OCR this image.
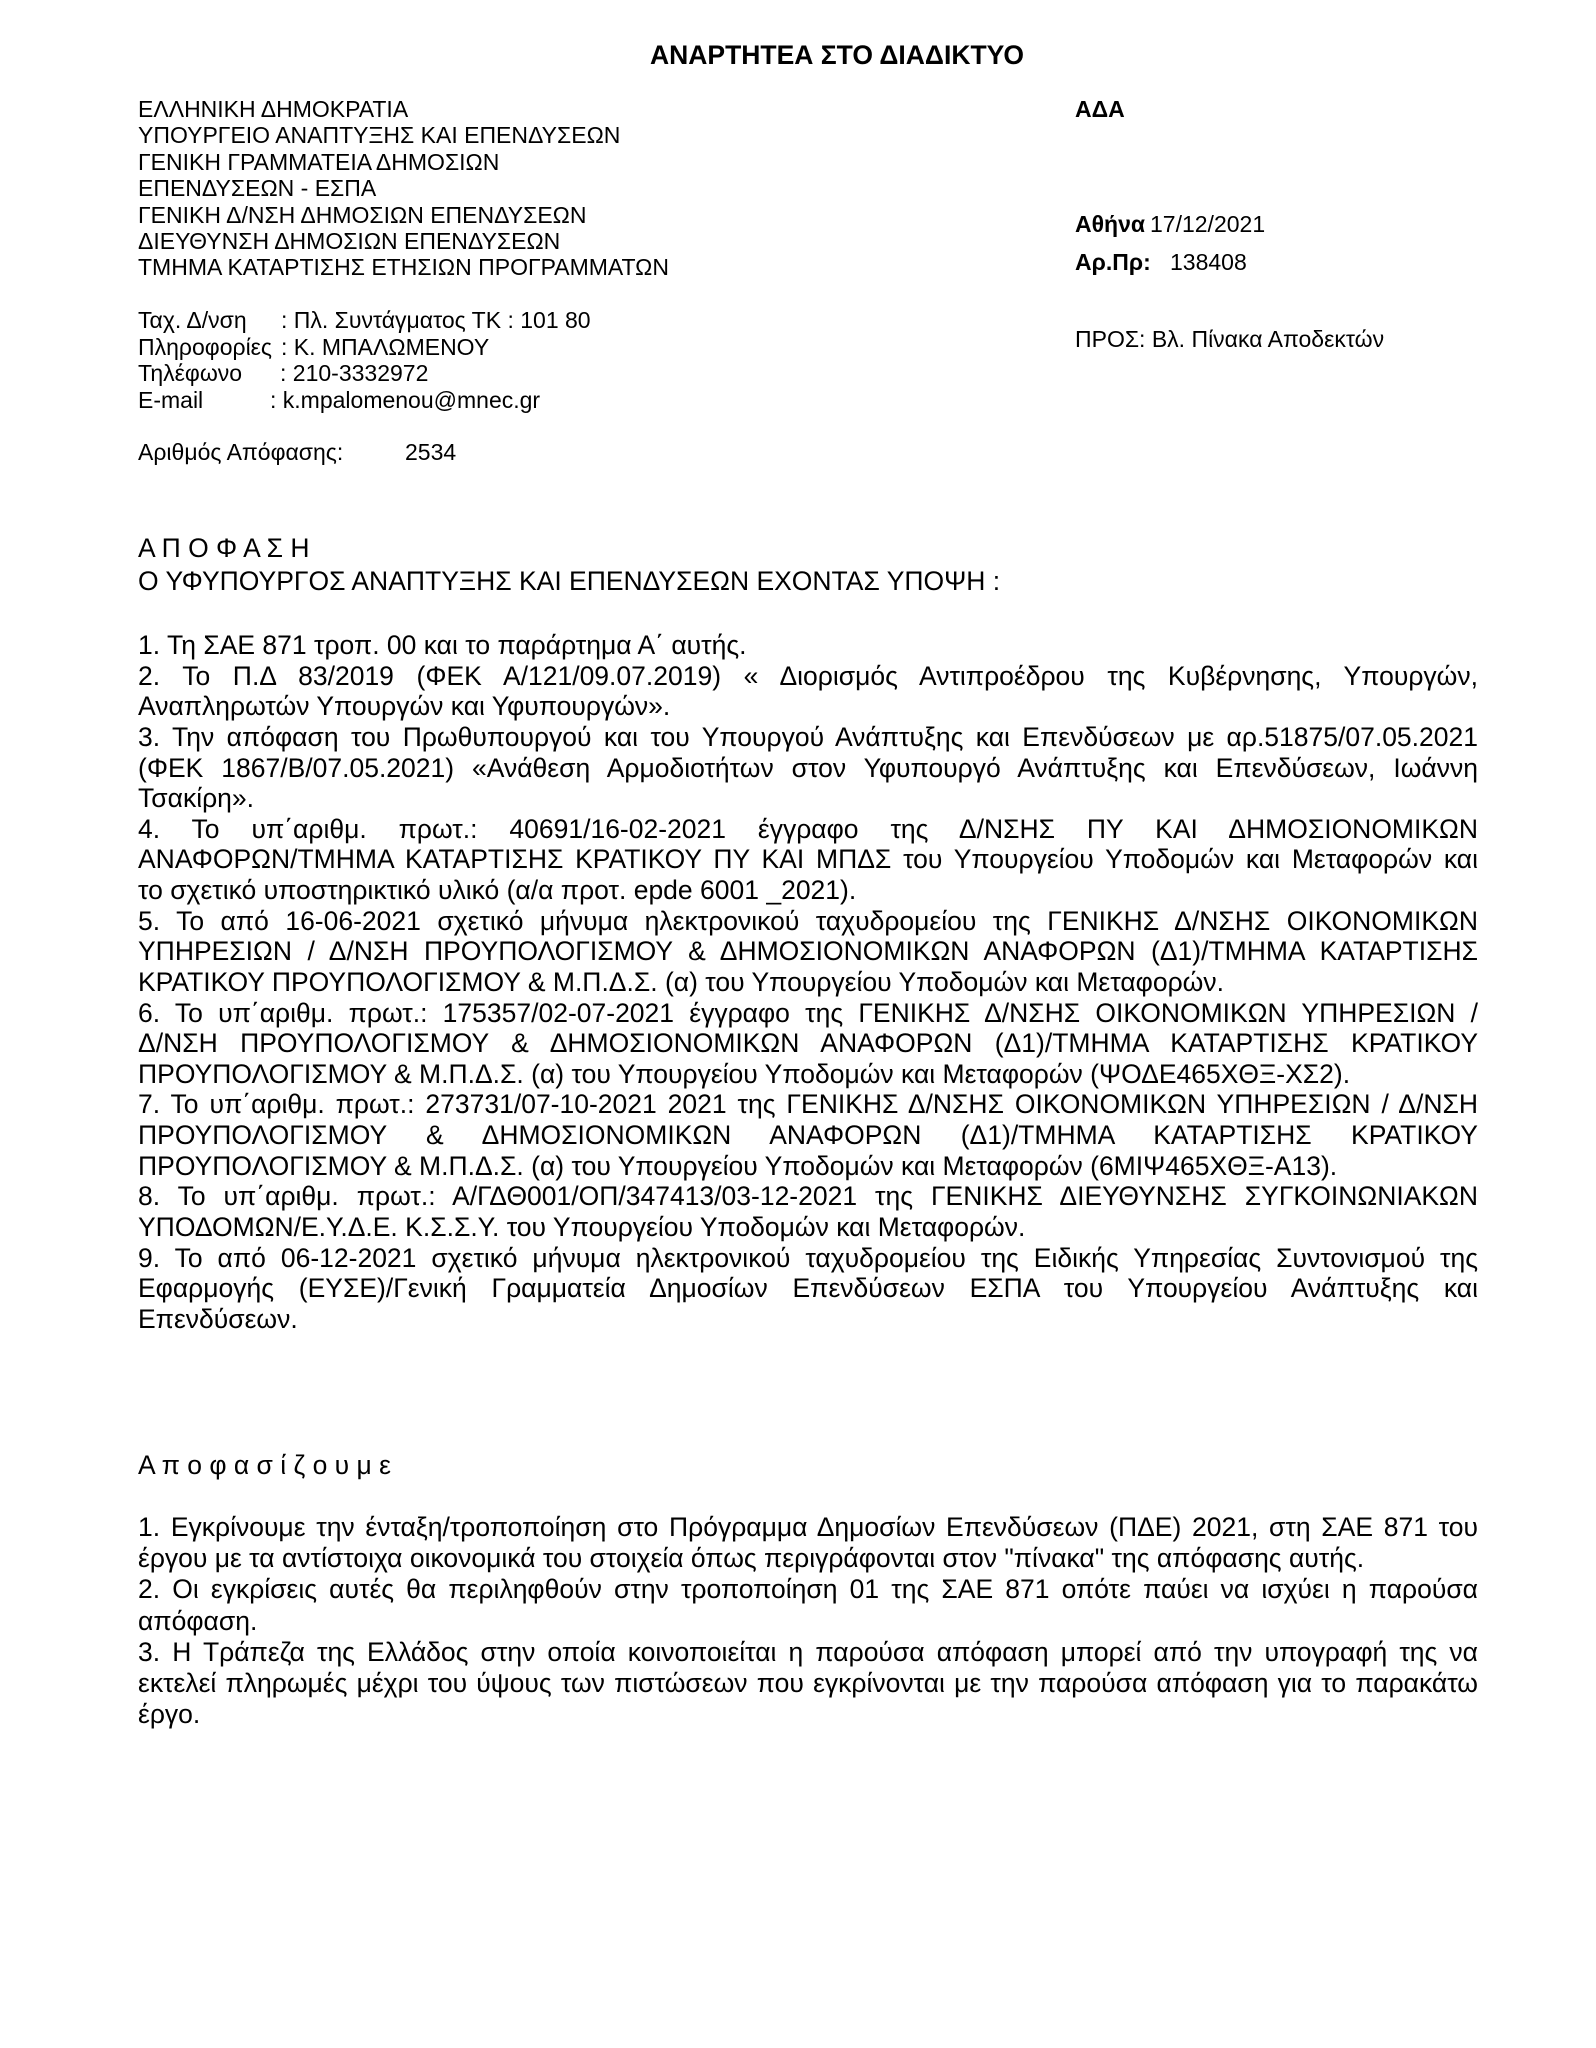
ΑΝΑΡΤΗΤΕΑ ΣΤΟ ΔΙΑΔΙΚΤΥΟ
ΕΛΛΗΝΙΚΗ ΔΗΜΟΚΡΑΤΙΑ
ΥΠΟΥΡΓΕΙΟ ΑΝΑΠΤΥΞΗΣ ΚΑΙ ΕΠΕΝΔΥΣΕΩΝ
ΓΕΝΙΚΗ ΓΡΑΜΜΑΤΕΙΑ ΔΗΜΟΣΙΩΝ
ΕΠΕΝΔΥΣΕΩΝ - ΕΣΠΑ
ΓΕΝΙΚΗ Δ/ΝΣΗ ΔΗΜΟΣΙΩΝ ΕΠΕΝΔΥΣΕΩΝ
ΔΙΕΥΘΥΝΣΗ ΔΗΜΟΣΙΩΝ ΕΠΕΝΔΥΣΕΩΝ
ΤΜΗΜΑ ΚΑΤΑΡΤΙΣΗΣ ΕΤΗΣΙΩΝ ΠΡΟΓΡΑΜΜΑΤΩΝ
ΑΔΑ
Αθήνα 17/12/2021
Αρ.Πρ: 138408
ΠΡΟΣ: Βλ. Πίνακα Αποδεκτών
Ταχ. Δ/νση : Πλ. Συντάγματος ΤΚ : 101 80
Πληροφορίες : Κ. ΜΠΑΛΩΜΕΝΟΥ
Τηλέφωνο : 210-3332972
E-mail	: k.mpalomenou@mnec.gr
Αριθμός Απόφασης:	2534
Α Π Ο Φ Α Σ Η
Ο ΥΦΥΠΟΥΡΓΟΣ ΑΝΑΠΤΥΞΗΣ ΚΑΙ ΕΠΕΝΔΥΣΕΩΝ ΕΧΟΝΤΑΣ ΥΠΟΨΗ :
1. Τη ΣΑΕ 871 τροπ. 00 και το παράρτημα Α΄ αυτής.
2. Το Π.Δ 83/2019 (ΦΕΚ Α/121/09.07.2019) « Διορισμός Αντιπροέδρου της Κυβέρνησης, Υπουργών,
Αναπληρωτών Υπουργών και Υφυπουργών».
3. Την απόφαση του Πρωθυπουργού και του Υπουργού Ανάπτυξης και Επενδύσεων με αρ.51875/07.05.2021
(ΦΕΚ 1867/Β/07.05.2021) «Ανάθεση Αρμοδιοτήτων στον Υφυπουργό Ανάπτυξης και Επενδύσεων, Ιωάννη
Τσακίρη».
4. Το υπ΄αριθμ. πρωτ.: 40691/16-02-2021 έγγραφο της Δ/ΝΣΗΣ ΠΥ ΚΑΙ ΔΗΜΟΣΙΟΝΟΜΙΚΩΝ
ΑΝΑΦΟΡΩΝ/ΤΜΗΜΑ ΚΑΤΑΡΤΙΣΗΣ ΚΡΑΤΙΚΟΥ ΠΥ ΚΑΙ ΜΠΔΣ του Υπουργείου Υποδομών και Μεταφορών και
το σχετικό υποστηρικτικό υλικό (α/α προτ. epde 6001 _2021).
5. Το από 16-06-2021 σχετικό μήνυμα ηλεκτρονικού ταχυδρομείου της ΓΕΝΙΚΗΣ Δ/ΝΣΗΣ ΟΙΚΟΝΟΜΙΚΩΝ
ΥΠΗΡΕΣΙΩΝ / Δ/ΝΣΗ ΠΡΟΥΠΟΛΟΓΙΣΜΟΥ & ΔΗΜΟΣΙΟΝΟΜΙΚΩΝ ΑΝΑΦΟΡΩΝ (Δ1)/ΤΜΗΜΑ ΚΑΤΑΡΤΙΣΗΣ
ΚΡΑΤΙΚΟΥ ΠΡΟΥΠΟΛΟΓΙΣΜΟΥ & Μ.Π.Δ.Σ. (α) του Υπουργείου Υποδομών και Μεταφορών.
6. Το υπ΄αριθμ. πρωτ.: 175357/02-07-2021 έγγραφο της ΓΕΝΙΚΗΣ Δ/ΝΣΗΣ ΟΙΚΟΝΟΜΙΚΩΝ ΥΠΗΡΕΣΙΩΝ /
Δ/ΝΣΗ ΠΡΟΥΠΟΛΟΓΙΣΜΟΥ & ΔΗΜΟΣΙΟΝΟΜΙΚΩΝ ΑΝΑΦΟΡΩΝ (Δ1)/ΤΜΗΜΑ ΚΑΤΑΡΤΙΣΗΣ ΚΡΑΤΙΚΟΥ
ΠΡΟΥΠΟΛΟΓΙΣΜΟΥ & Μ.Π.Δ.Σ. (α) του Υπουργείου Υποδομών και Μεταφορών (ΨΟΔΕ465ΧΘΞ-ΧΣ2).
7. Το υπ΄αριθμ. πρωτ.: 273731/07-10-2021 2021 της ΓΕΝΙΚΗΣ Δ/ΝΣΗΣ ΟΙΚΟΝΟΜΙΚΩΝ ΥΠΗΡΕΣΙΩΝ / Δ/ΝΣΗ
ΠΡΟΥΠΟΛΟΓΙΣΜΟΥ & ΔΗΜΟΣΙΟΝΟΜΙΚΩΝ ΑΝΑΦΟΡΩΝ (Δ1)/ΤΜΗΜΑ ΚΑΤΑΡΤΙΣΗΣ ΚΡΑΤΙΚΟΥ
ΠΡΟΥΠΟΛΟΓΙΣΜΟΥ & Μ.Π.Δ.Σ. (α) του Υπουργείου Υποδομών και Μεταφορών (6ΜΙΨ465ΧΘΞ-Α13).
8. Το υπ΄αριθμ. πρωτ.: Α/ΓΔΘ001/ΟΠ/347413/03-12-2021 της ΓΕΝΙΚΗΣ ΔΙΕΥΘΥΝΣΗΣ ΣΥΓΚΟΙΝΩΝΙΑΚΩΝ
ΥΠΟΔΟΜΩΝ/Ε.Υ.Δ.Ε. Κ.Σ.Σ.Υ. του Υπουργείου Υποδομών και Μεταφορών.
9. Το από 06-12-2021 σχετικό μήνυμα ηλεκτρονικού ταχυδρομείου της Ειδικής Υπηρεσίας Συντονισμού της
Εφαρμογής (ΕΥΣΕ)/Γενική Γραμματεία Δημοσίων Επενδύσεων ΕΣΠΑ του Υπουργείου Ανάπτυξης και
Επενδύσεων.
Α π ο φ α σ ί ζ ο υ μ ε
1. Εγκρίνουμε την ένταξη/τροποποίηση στο Πρόγραμμα Δημοσίων Επενδύσεων (ΠΔΕ) 2021, στη ΣΑΕ 871 του
έργου με τα αντίστοιχα οικονομικά του στοιχεία όπως περιγράφονται στον "πίνακα" της απόφασης αυτής.
2. Οι εγκρίσεις αυτές θα περιληφθούν στην τροποποίηση 01 της ΣΑΕ 871 οπότε παύει να ισχύει η παρούσα
απόφαση.
3. Η Τράπεζα της Ελλάδος στην οποία κοινοποιείται η παρούσα απόφαση μπορεί από την υπογραφή της να
εκτελεί πληρωμές μέχρι του ύψους των πιστώσεων που εγκρίνονται με την παρούσα απόφαση για το παρακάτω
έργο.
